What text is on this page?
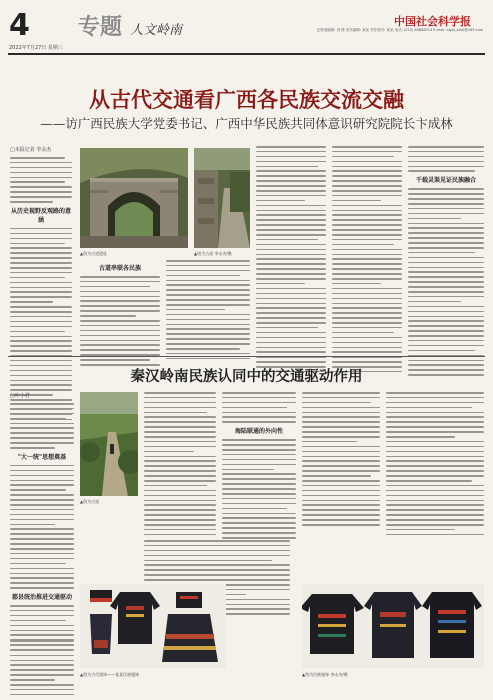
4
2022年7月27日 星期三
专题 人文岭南
中国社会科学报
总策划编辑: 刘 博 美术编辑: 某某 责任校对: 某某 电话: (010) 85886514 E-mail: zzpd_zxwl@163.com
从古代交通看广西各民族交流交融
——访广西民族大学党委书记、广西中华民族共同体意识研究院院长卞成林
□本报记者 李永杰
从历史视野反观路的意涵
▲图为古道遗址	▲图为古道 李永杰/摄
古道串联各民族
千载灵渠见证民族融合
秦汉岭南民族认同中的交通驱动作用
□叶小君
"大一统"思想奠基
郡县统治推进交通驱动
▲图为古道
海陆联通的外向性
▲图为古代服饰——某某民族服饰	▲图为民族服饰 李永杰/摄
